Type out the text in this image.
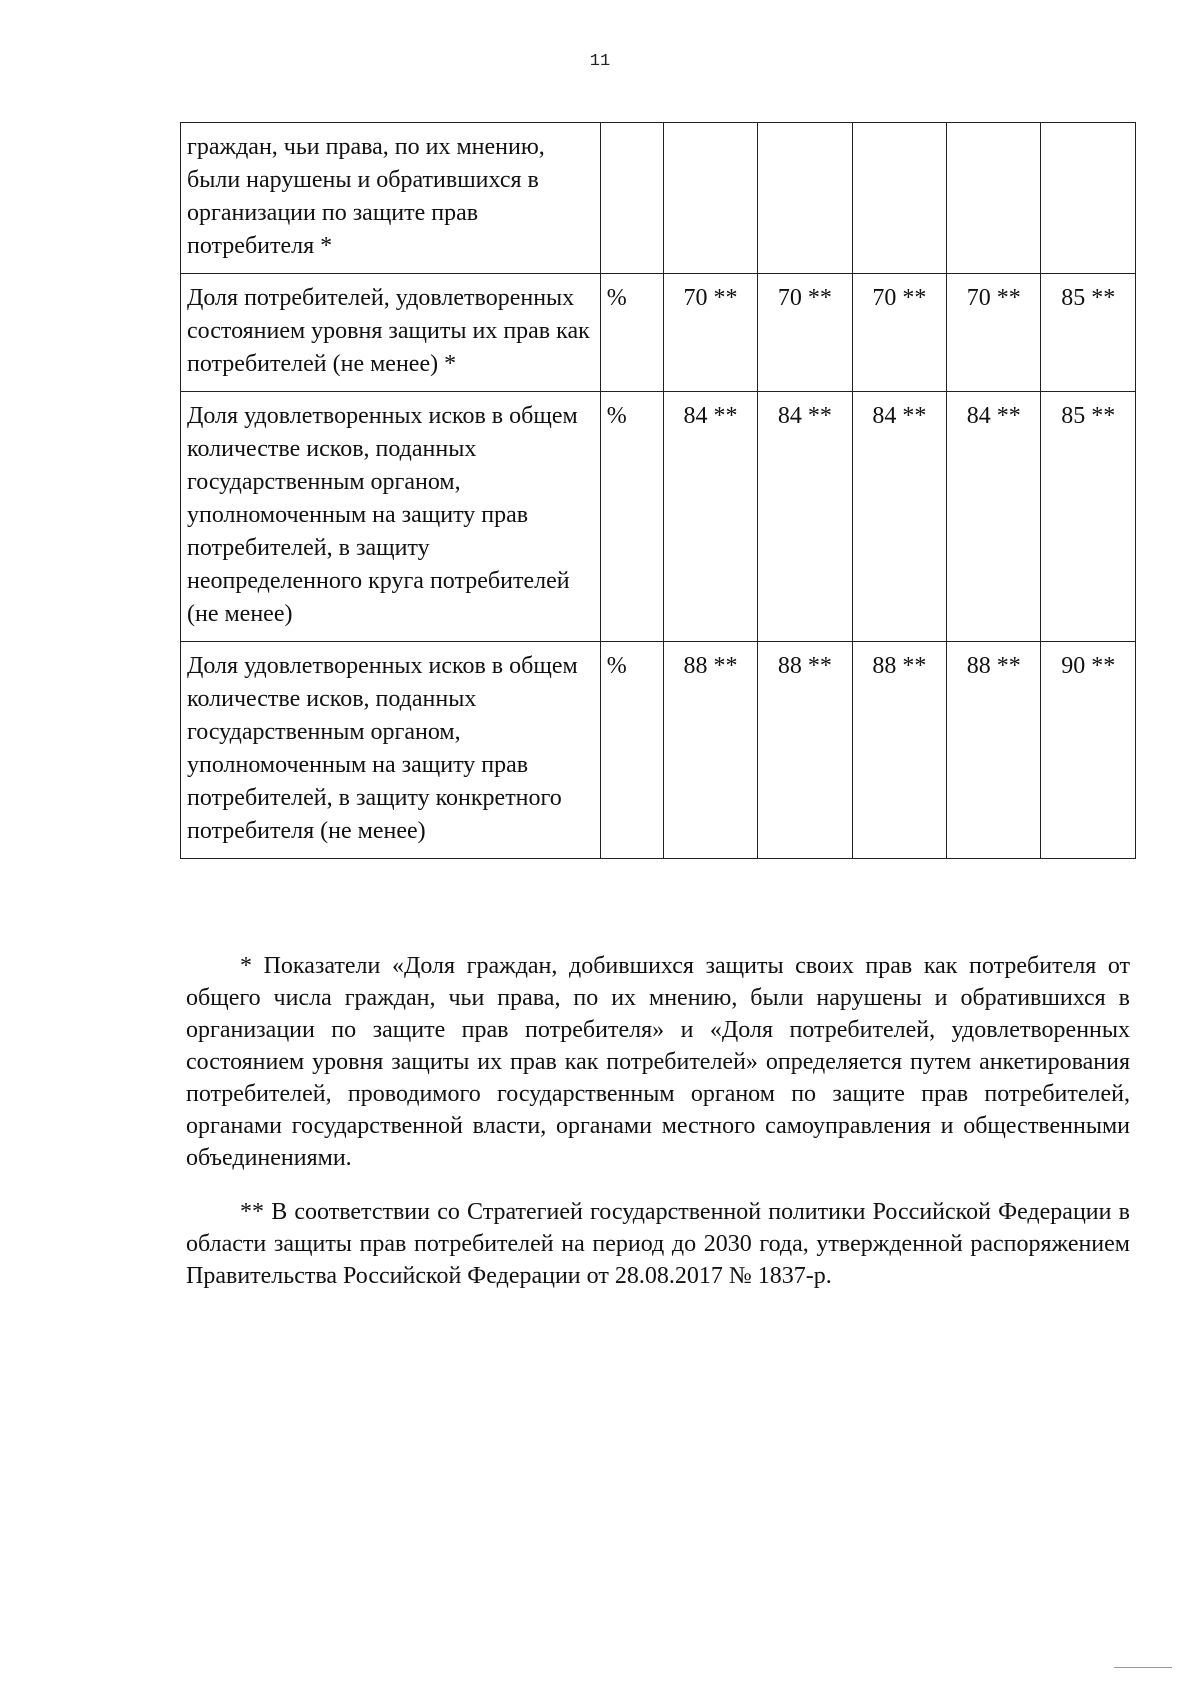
11
граждан, чьи права, по их мнению, были нарушены и обратившихся в организации по защите прав потребителя *						
Доля потребителей, удовлетворенных состоянием уровня защиты их прав как потребителей (не менее) *	%	70 **	70 **	70 **	70 **	85 **
Доля удовлетворенных исков в общем количестве исков, поданных государственным органом, уполномоченным на защиту прав потребителей, в защиту неопределенного круга потребителей (не менее)	%	84 **	84 **	84 **	84 **	85 **
Доля удовлетворенных исков в общем количестве исков, поданных государственным органом, уполномоченным на защиту прав потребителей, в защиту конкретного потребителя (не менее)	%	88 **	88 **	88 **	88 **	90 **

* Показатели «Доля граждан, добившихся защиты своих прав как потребителя от общего числа граждан, чьи права, по их мнению, были нарушены и обратившихся в организации по защите прав потребителя» и «Доля потребителей, удовлетворенных состоянием уровня защиты их прав как потребителей» определяется путем анкетирования потребителей, проводимого государственным органом по защите прав потребителей, органами государственной власти, органами местного самоуправления и общественными объединениями.

** В соответствии со Стратегией государственной политики Российской Федерации в области защиты прав потребителей на период до 2030 года, утвержденной распоряжением Правительства Российской Федерации от 28.08.2017 № 1837-р.
